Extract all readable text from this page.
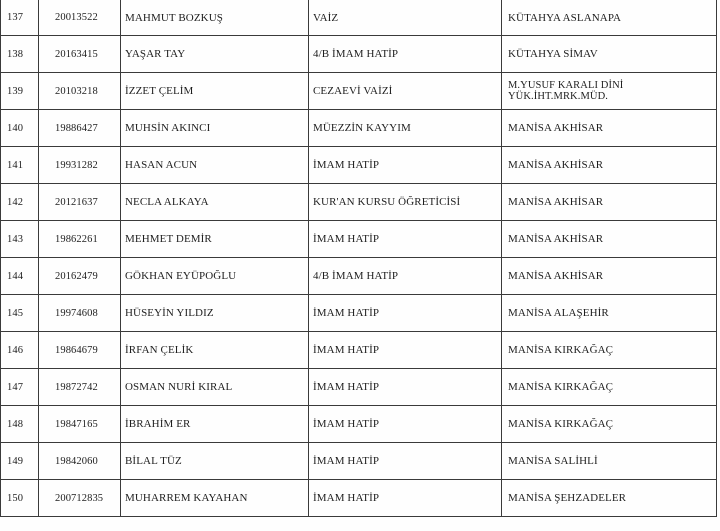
137	20013522	MAHMUT BOZKUŞ	VAİZ	KÜTAHYA ASLANAPA
138	20163415	YAŞAR TAY	4/B İMAM HATİP	KÜTAHYA SİMAV
139	20103218	İZZET ÇELİM	CEZAEVİ VAİZİ	M.YUSUF KARALI DİNİ
YÜK.İHT.MRK.MÜD.

140	19886427	MUHSİN AKINCI	MÜEZZİN KAYYIM	MANİSA AKHİSAR
141	19931282	HASAN ACUN	İMAM HATİP	MANİSA AKHİSAR
142	20121637	NECLA ALKAYA	KUR'AN KURSU ÖĞRETİCİSİ	MANİSA AKHİSAR
143	19862261	MEHMET DEMİR	İMAM HATİP	MANİSA AKHİSAR
144	20162479	GÖKHAN EYÜPOĞLU	4/B İMAM HATİP	MANİSA AKHİSAR
145	19974608	HÜSEYİN YILDIZ	İMAM HATİP	MANİSA ALAŞEHİR
146	19864679	İRFAN ÇELİK	İMAM HATİP	MANİSA KIRKAĞAÇ
147	19872742	OSMAN NURİ KIRAL	İMAM HATİP	MANİSA KIRKAĞAÇ
148	19847165	İBRAHİM ER	İMAM HATİP	MANİSA KIRKAĞAÇ
149	19842060	BİLAL TÜZ	İMAM HATİP	MANİSA SALİHLİ
150	200712835	MUHARREM KAYAHAN	İMAM HATİP	MANİSA ŞEHZADELER
